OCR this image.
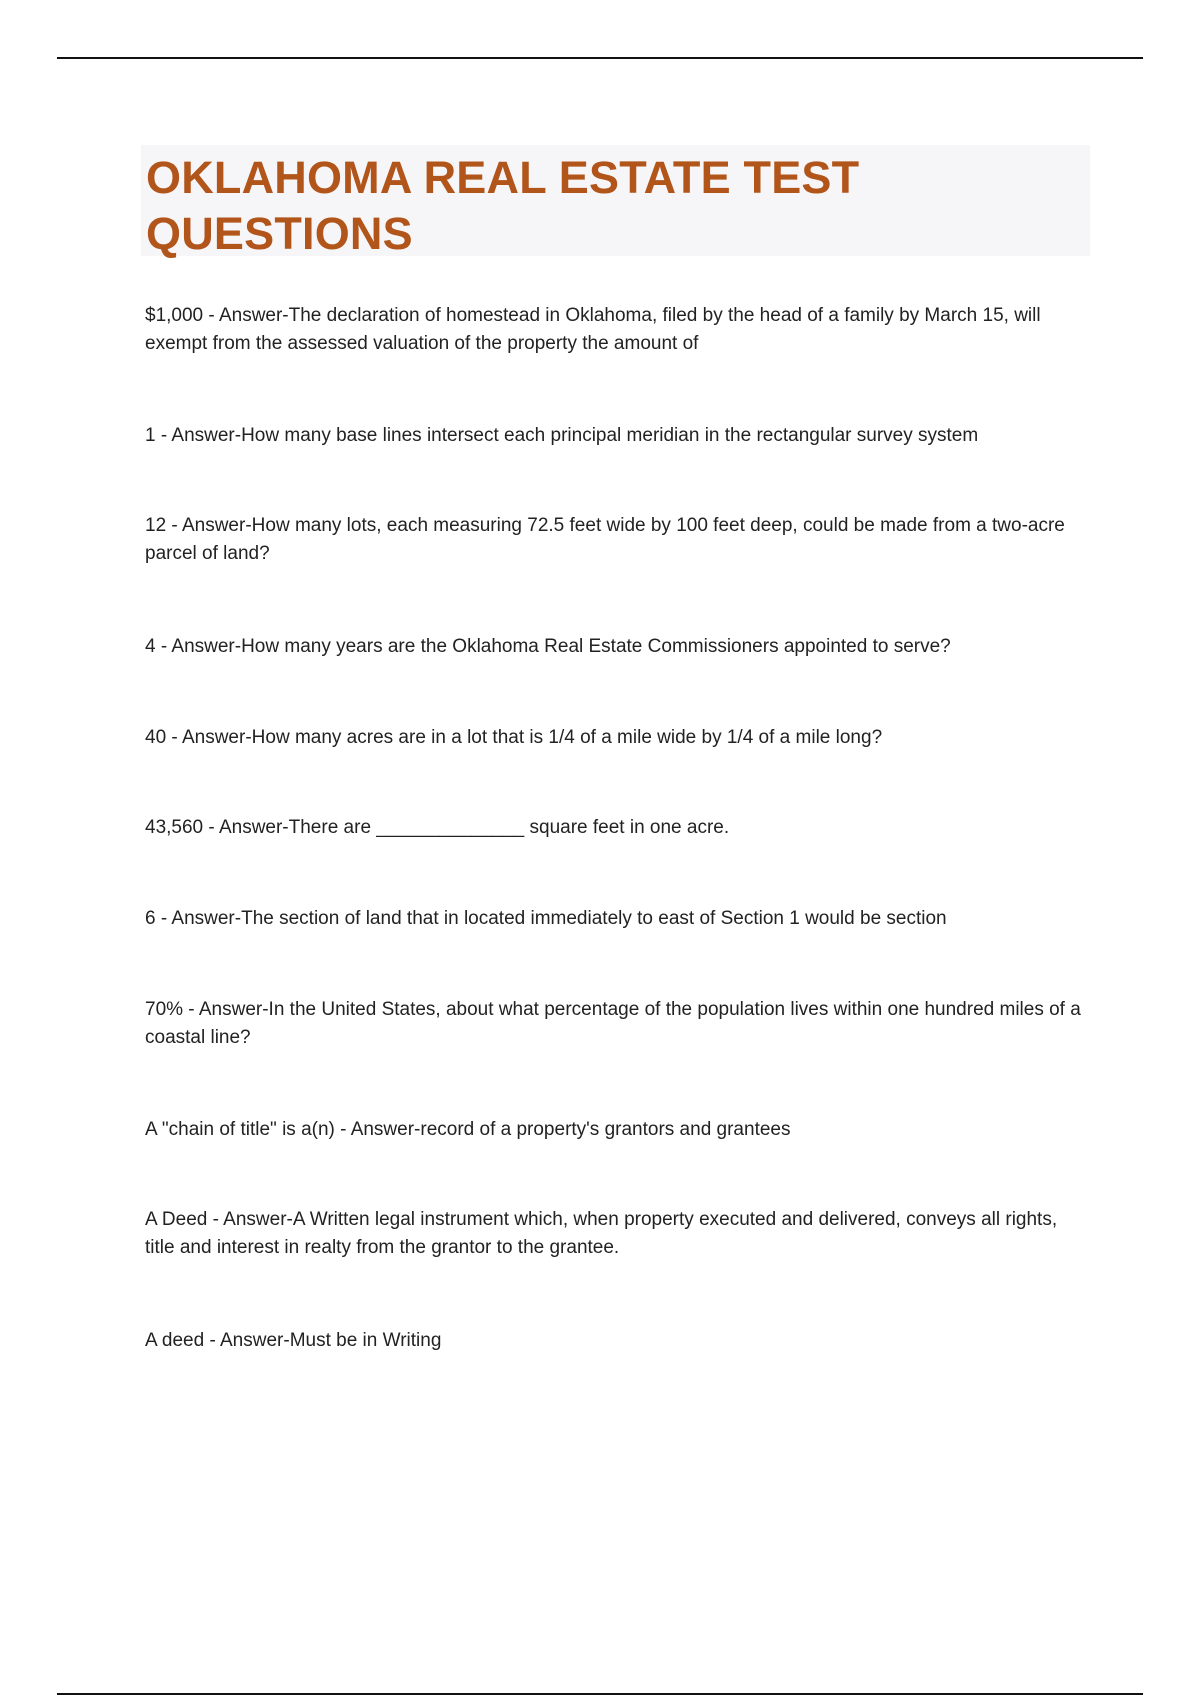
OKLAHOMA REAL ESTATE TEST QUESTIONS
$1,000 - Answer-The declaration of homestead in Oklahoma, filed by the head of a family by March 15, will exempt from the assessed valuation of the property the amount of
1 - Answer-How many base lines intersect each principal meridian in the rectangular survey system
12 - Answer-How many lots, each measuring 72.5 feet wide by 100 feet deep, could be made from a two-acre parcel of land?
4 - Answer-How many years are the Oklahoma Real Estate Commissioners appointed to serve?
40 - Answer-How many acres are in a lot that is 1/4 of a mile wide by 1/4 of a mile long?
43,560 - Answer-There are ______________ square feet in one acre.
6 - Answer-The section of land that in located immediately to east of Section 1 would be section
70% - Answer-In the United States, about what percentage of the population lives within one hundred miles of a coastal line?
A "chain of title" is a(n) - Answer-record of a property's grantors and grantees
A Deed - Answer-A Written legal instrument which, when property executed and delivered, conveys all rights, title and interest in realty from the grantor to the grantee.
A deed - Answer-Must be in Writing
